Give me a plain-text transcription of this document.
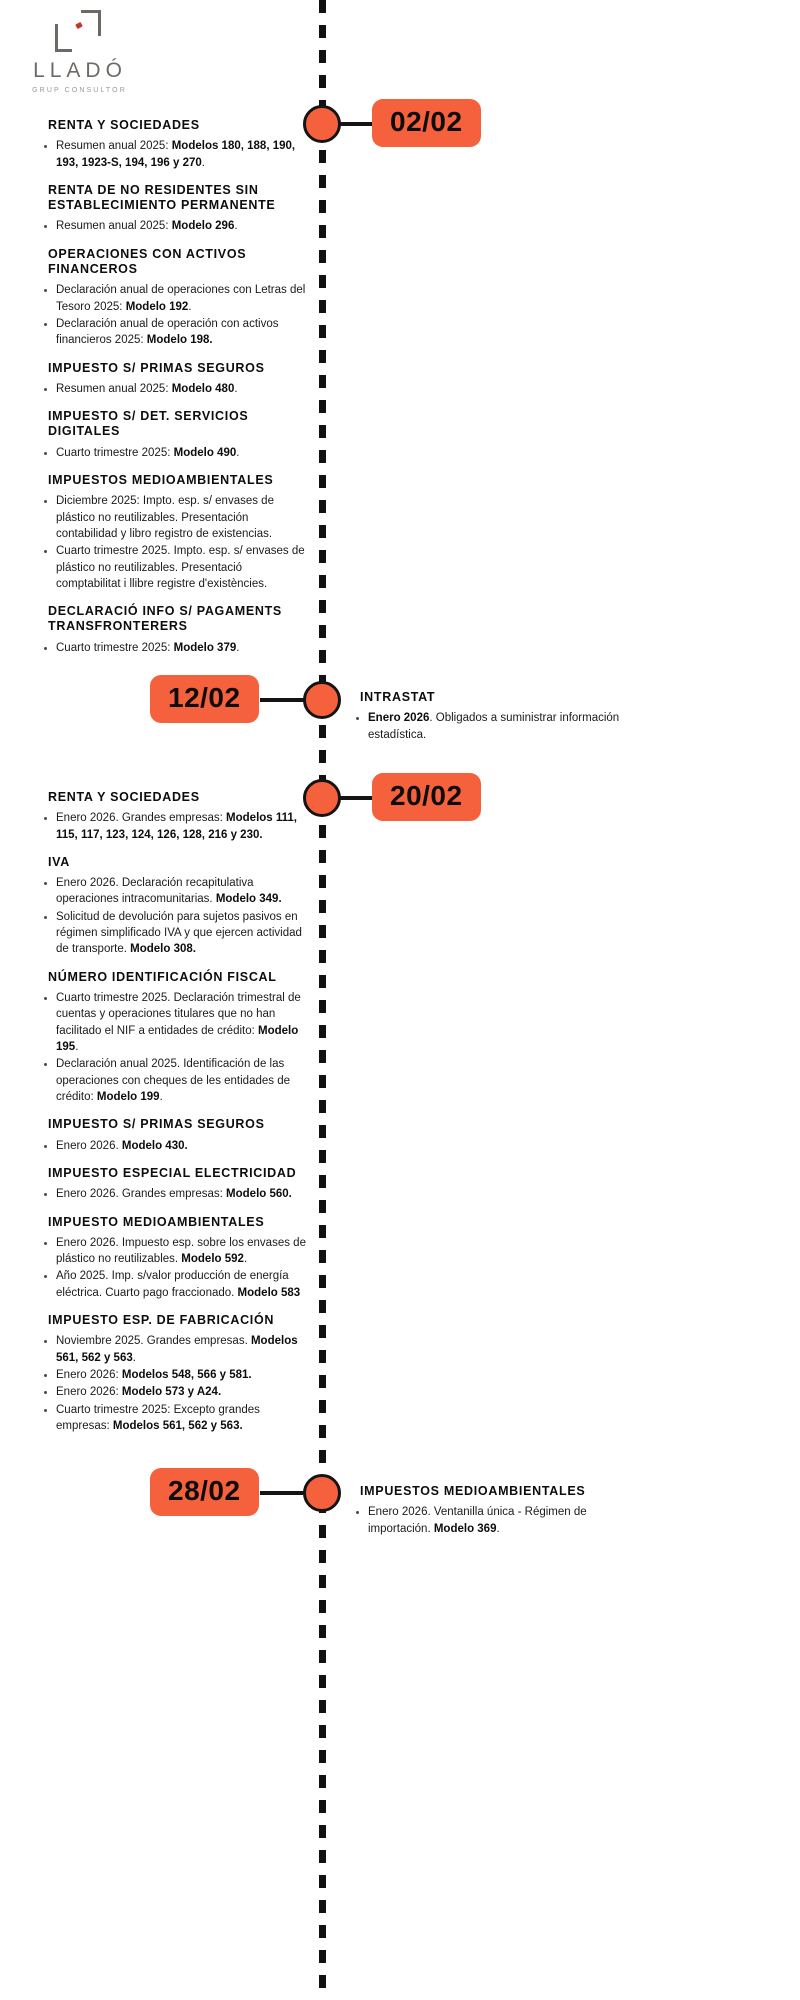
LLADÓ
GRUP CONSULTOR
02/02
RENTA Y SOCIEDADES
Resumen anual 2025: Modelos 180, 188, 190, 193, 1923-S, 194, 196 y 270.
RENTA DE NO RESIDENTES SIN ESTABLECIMIENTO PERMANENTE
Resumen anual 2025: Modelo 296.
OPERACIONES CON ACTIVOS FINANCEROS
Declaración anual de operaciones con Letras del Tesoro 2025: Modelo 192.
Declaración anual de operación con activos financieros 2025: Modelo 198.
IMPUESTO S/ PRIMAS SEGUROS
Resumen anual 2025: Modelo 480.
IMPUESTO S/ DET. SERVICIOS DIGITALES
Cuarto trimestre 2025: Modelo 490.
IMPUESTOS MEDIOAMBIENTALES
Diciembre 2025: Impto. esp. s/ envases de plástico no reutilizables. Presentación contabilidad y libro registro de existencias.
Cuarto trimestre 2025. Impto. esp. s/ envases de plástico no reutilizables. Presentació comptabilitat i llibre registre d'existències.
DECLARACIÓ INFO S/ PAGAMENTS TRANSFRONTERERS
Cuarto trimestre 2025: Modelo 379.
12/02	INTRASTAT
Enero 2026. Obligados a suministrar información estadística.
20/02
RENTA Y SOCIEDADES
Enero 2026. Grandes empresas: Modelos 111, 115, 117, 123, 124, 126, 128, 216 y 230.
IVA
Enero 2026. Declaración recapitulativa operaciones intracomunitarias. Modelo 349.
Solicitud de devolución para sujetos pasivos en régimen simplificado IVA y que ejercen actividad de transporte. Modelo 308.
NÚMERO IDENTIFICACIÓN FISCAL
Cuarto trimestre 2025. Declaración trimestral de cuentas y operaciones titulares que no han facilitado el NIF a entidades de crédito: Modelo 195.
Declaración anual 2025. Identificación de las operaciones con cheques de les entidades de crédito: Modelo 199.
IMPUESTO S/ PRIMAS SEGUROS
Enero 2026. Modelo 430.
IMPUESTO ESPECIAL ELECTRICIDAD
Enero 2026. Grandes empresas: Modelo 560.
IMPUESTO MEDIOAMBIENTALES
Enero 2026. Impuesto esp. sobre los envases de plástico no reutilizables. Modelo 592.
Año 2025. Imp. s/valor producción de energía eléctrica. Cuarto pago fraccionado. Modelo 583
IMPUESTO ESP. DE FABRICACIÓN
Noviembre 2025. Grandes empresas. Modelos 561, 562 y 563.
Enero 2026: Modelos 548, 566 y 581.
Enero 2026: Modelo 573 y A24.
Cuarto trimestre 2025: Excepto grandes empresas: Modelos 561, 562 y 563.
28/02	IMPUESTOS MEDIOAMBIENTALES
Enero 2026. Ventanilla única - Régimen de importación. Modelo 369.
